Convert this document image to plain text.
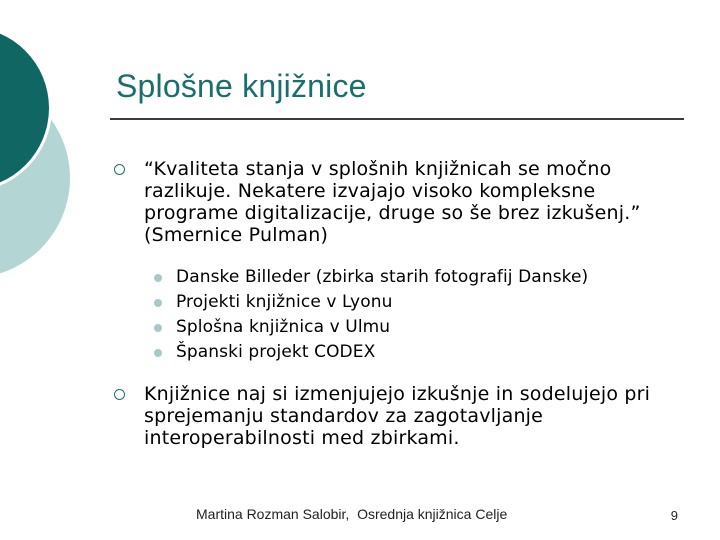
Splošne knjižnice
“Kvaliteta stanja v splošnih knjižnicah se močno razlikuje. Nekatere izvajajo visoko kompleksne programe digitalizacije, druge so še brez izkušenj.” (Smernice Pulman)
Danske Billeder (zbirka starih fotografij Danske)
Projekti knjižnice v Lyonu
Splošna knjižnica v Ulmu
Španski projekt CODEX
Knjižnice naj si izmenjujejo izkušnje in sodelujejo pri sprejemanju standardov za zagotavljanje interoperabilnosti med zbirkami.
Martina Rozman Salobir,  Osrednja knjižnica Celje	9
